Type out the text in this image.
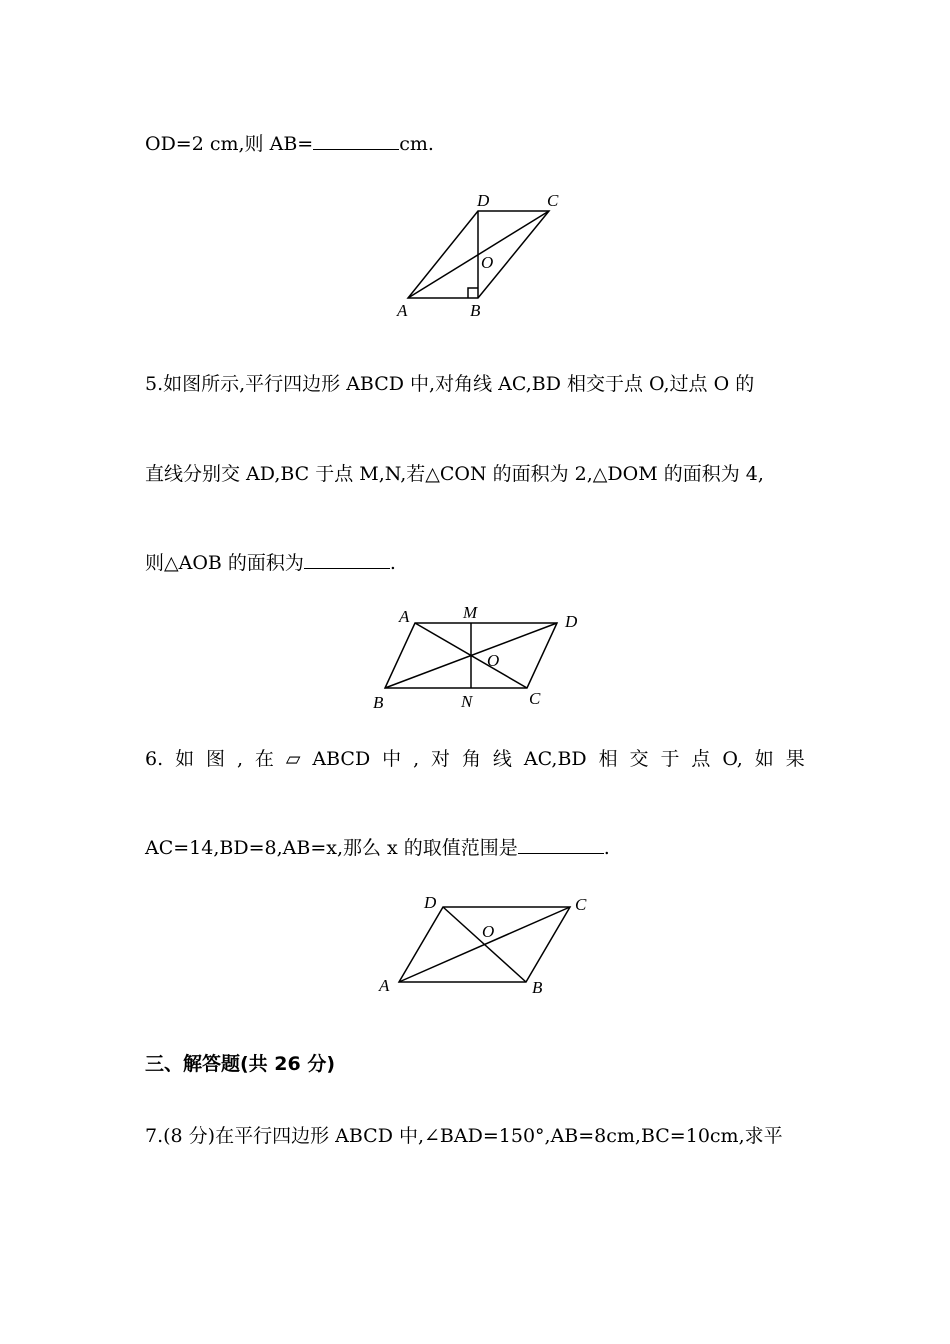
OD=2 cm,则 AB=	cm.
A	B
C
D
O
5.如图所示,平行四边形 ABCD 中,对角线 AC,BD 相交于点 O,过点 O 的
直线分别交 AD,BC 于点 M,N,若△CON 的面积为 2,△DOM 的面积为 4,
则△AOB 的面积为	.
A	M	D
O
B	N	C
6. 如 图 , 在 ▱ ABCD 中 , 对 角 线 AC,BD 相 交 于 点 O, 如 果
AC=14,BD=8,AB=x,那么 x 的取值范围是	.
D	C
O
A	B
三、解答题(共 26 分)
7.(8 分)在平行四边形 ABCD 中,∠BAD=150°,AB=8cm,BC=10cm,求平
